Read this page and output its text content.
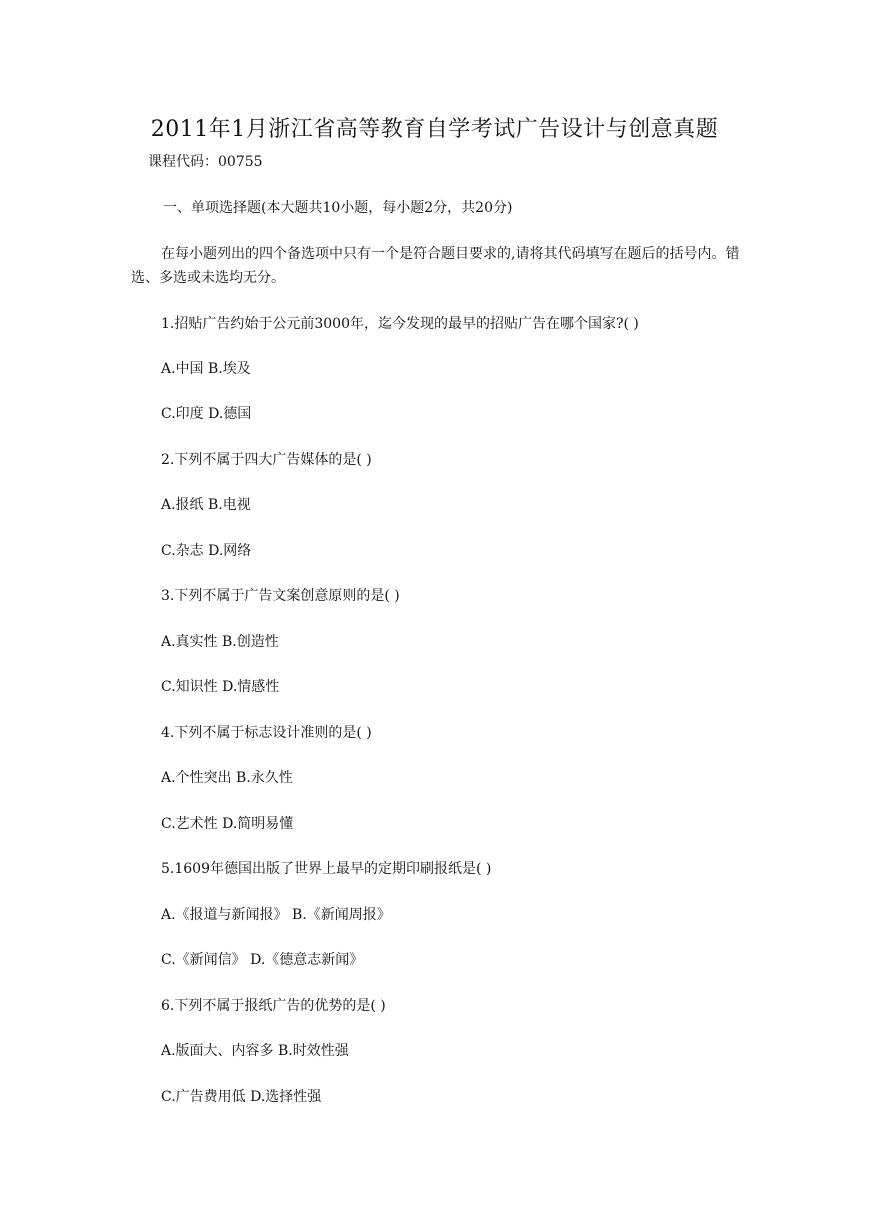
2011年1月浙江省高等教育自学考试广告设计与创意真题
课程代码：00755
一、单项选择题(本大题共10小题，每小题2分，共20分)
在每小题列出的四个备选项中只有一个是符合题目要求的,请将其代码填写在题后的括号内。错选、多选或未选均无分。
1.招贴广告约始于公元前3000年，迄今发现的最早的招贴广告在哪个国家?( )
A.中国 B.埃及
C.印度 D.德国
2.下列不属于四大广告媒体的是( )
A.报纸 B.电视
C.杂志 D.网络
3.下列不属于广告文案创意原则的是( )
A.真实性 B.创造性
C.知识性 D.情感性
4.下列不属于标志设计准则的是( )
A.个性突出 B.永久性
C.艺术性 D.简明易懂
5.1609年德国出版了世界上最早的定期印刷报纸是( )
A.《报道与新闻报》 B.《新闻周报》
C.《新闻信》 D.《德意志新闻》
6.下列不属于报纸广告的优势的是( )
A.版面大、内容多 B.时效性强
C.广告费用低 D.选择性强
